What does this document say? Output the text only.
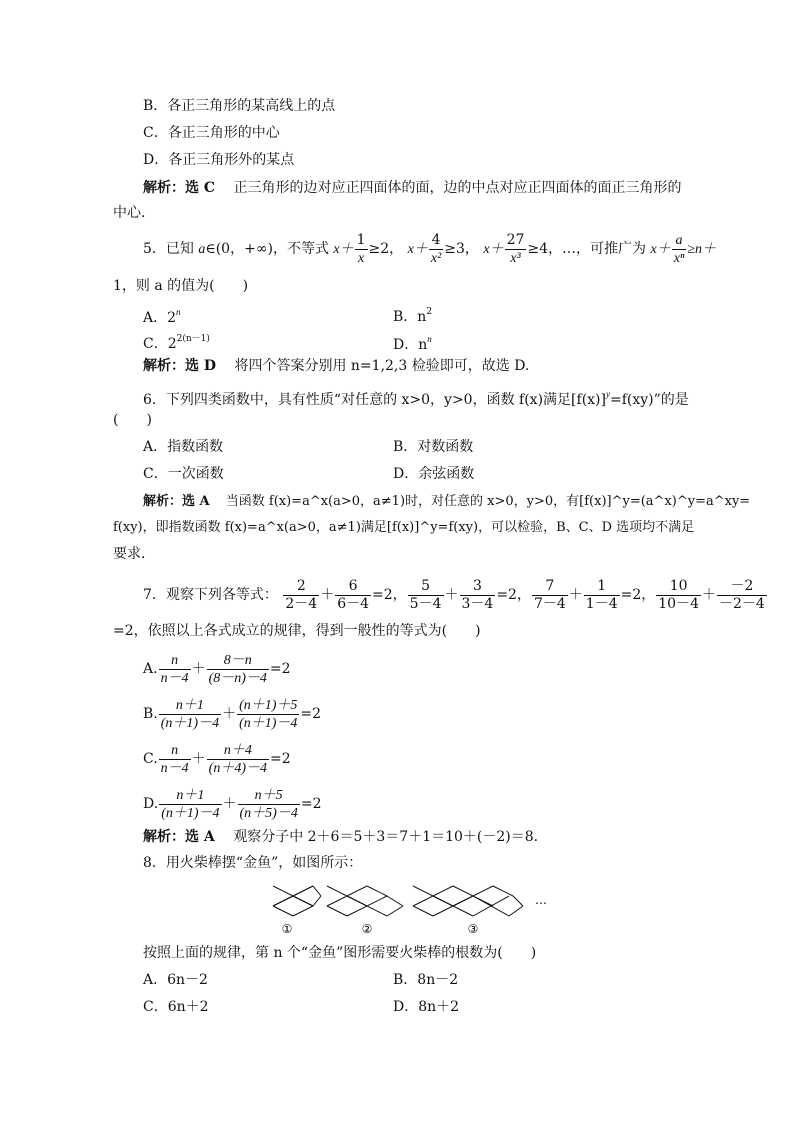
B．各正三角形的某高线上的点
C．各正三角形的中心
D．各正三角形外的某点
解析：选 C 正三角形的边对应正四面体的面，边的中点对应正四面体的面正三角形的
中心．
5．已知 a∈(0，+∞)，不等式 $x+ \frac{1}{x} \ge 2$， $x+ \frac{4}{\text{x²}} \ge 3$， $x+ \frac{27}{\text{x³}} \ge 4$，…，可推广为 $x+ \frac{a}{\text{xⁿ}} \ge n+$
1，则 a 的值为(　　)
A．2$^n$	B．$n^2$
C．$2^{2(n-1)}$	D．$n^n$
解析：选 D 将四个答案分别用 n=1,2,3 检验即可，故选 D.
6．下列四类函数中，具有性质“对任意的 x>0，y>0，函数 f(x)满足$[f(x)]^y=f(xy)$”的是
(　　)
A．指数函数	B．对数函数
C．一次函数	D．余弦函数
解析：选 A 当函数 f(x)=a^x(a>0，a≠1)时，对任意的 x>0，y>0，有[f(x)]^y=(a^x)^y=a^xy=
f(xy)，即指数函数 f(x)=a^x(a>0，a≠1)满足[f(x)]^y=f(xy)，可以检验，B、C、D 选项均不满足
要求．
7．观察下列各等式： $\frac{2}{2-4} + \frac{6}{6-4} =2$， $\frac{5}{5-4} + \frac{3}{3-4} =2$， $\frac{7}{7-4} + \frac{1}{1-4} =2$， $\frac{10}{10-4} + \frac{-2}{-2-4}$
=2，依照以上各式成立的规律，得到一般性的等式为(　　)
A. $\frac{n}{n-4} + \frac{8-n}{(8-n)-4} =2$
B. $\frac{n+1}{(n+1)-4} + \frac{(n+1)+5}{(n+1)-4} =2$
C. $\frac{n}{n-4} + \frac{n+4}{(n+4)-4} =2$
D. $\frac{n+1}{(n+1)-4} + \frac{n+5}{(n+5)-4} =2$
解析：选 A 观察分子中 2＋6＝5＋3＝7＋1＝10＋(－2)＝8.
8．用火柴棒摆“金鱼”，如图所示：
①	②	③
…
按照上面的规律，第 n 个“金鱼”图形需要火柴棒的根数为(　　)
A．6n－2	B．8n－2
C．6n＋2	D．8n＋2
